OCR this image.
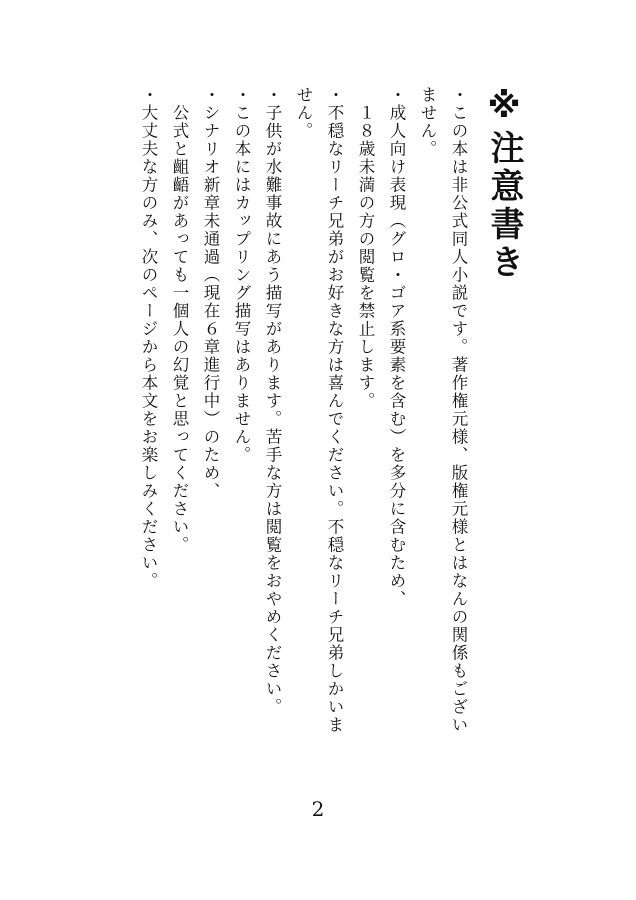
※注意書き
・この本は非公式同人小説です。著作権元様、版権元様とはなんの関係もございません。
・成人向け表現（グロ・ゴア系要素を含む）を多分に含むため、
　１８歳未満の方の閲覧を禁止します。
・不穏なリーチ兄弟がお好きな方は喜んでください。不穏なリーチ兄弟しかいません。
・子供が水難事故にあう描写があります。苦手な方は閲覧をおやめください。
・この本にはカップリング描写はありません。
・シナリオ新章未通過（現在６章進行中）のため、
　公式と齟齬があっても一個人の幻覚と思ってください。
・大丈夫な方のみ、次のページから本文をお楽しみください。
2
